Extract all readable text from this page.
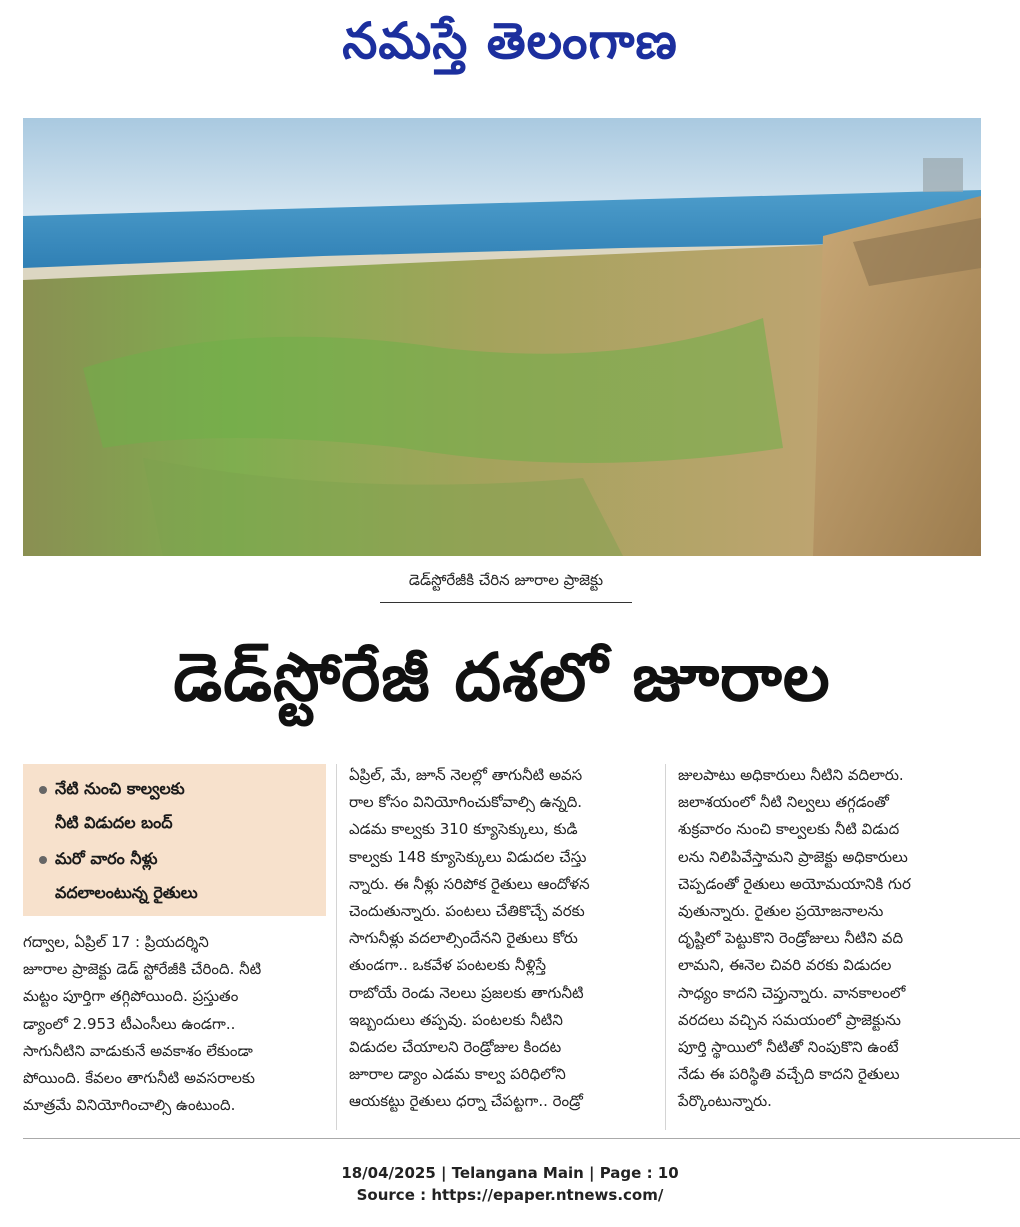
నమస్తే తెలంగాణ
డెడ్‌స్టోరేజీకి చేరిన జూరాల ప్రాజెక్టు
డెడ్‌స్టోరేజీ దశలో జూరాల
నేటి నుంచి కాల్వలకు
నీటి విడుదల బంద్
మరో వారం నీళ్లు
వదలాలంటున్న రైతులు
గద్వాల, ఏప్రిల్ 17 : ప్రియదర్శిని
జూరాల ప్రాజెక్టు డెడ్ స్టోరేజీకి చేరింది. నీటి
మట్టం పూర్తిగా తగ్గిపోయింది. ప్రస్తుతం
డ్యాంలో 2.953 టీఎంసీలు ఉండగా..
సాగునీటిని వాడుకునే అవకాశం లేకుండా
పోయింది. కేవలం తాగునీటి అవసరాలకు
మాత్రమే వినియోగించాల్సి ఉంటుంది.
ఏప్రిల్, మే, జూన్ నెలల్లో తాగునీటి అవస
రాల కోసం వినియోగించుకోవాల్సి ఉన్నది.
ఎడమ కాల్వకు 310 క్యూసెక్కులు, కుడి
కాల్వకు 148 క్యూసెక్కులు విడుదల చేస్తు
న్నారు. ఈ నీళ్లు సరిపోక రైతులు ఆందోళన
చెందుతున్నారు. పంటలు చేతికొచ్చే వరకు
సాగునీళ్లు వదలాల్సిందేనని రైతులు కోరు
తుండగా.. ఒకవేళ పంటలకు నీళ్లిస్తే
రాబోయే రెండు నెలలు ప్రజలకు తాగునీటి
ఇబ్బందులు తప్పవు. పంటలకు నీటిని
విడుదల చేయాలని రెండ్రోజుల కిందట
జూరాల డ్యాం ఎడమ కాల్వ పరిధిలోని
ఆయకట్టు రైతులు ధర్నా చేపట్టగా.. రెండ్రో
జులపాటు అధికారులు నీటిని వదిలారు.
జలాశయంలో నీటి నిల్వలు తగ్గడంతో
శుక్రవారం నుంచి కాల్వలకు నీటి విడుద
లను నిలిపివేస్తామని ప్రాజెక్టు అధికారులు
చెప్పడంతో రైతులు అయోమయానికి గుర
వుతున్నారు. రైతుల ప్రయోజనాలను
దృష్టిలో పెట్టుకొని రెండ్రోజులు నీటిని వది
లామని, ఈనెల చివరి వరకు విడుదల
సాధ్యం కాదని చెప్తున్నారు. వానకాలంలో
వరదలు వచ్చిన సమయంలో ప్రాజెక్టును
పూర్తి స్థాయిలో నీటితో నింపుకొని ఉంటే
నేడు ఈ పరిస్థితి వచ్చేది కాదని రైతులు
పేర్కొంటున్నారు.
18/04/2025 | Telangana Main | Page : 10
Source : https://epaper.ntnews.com/
